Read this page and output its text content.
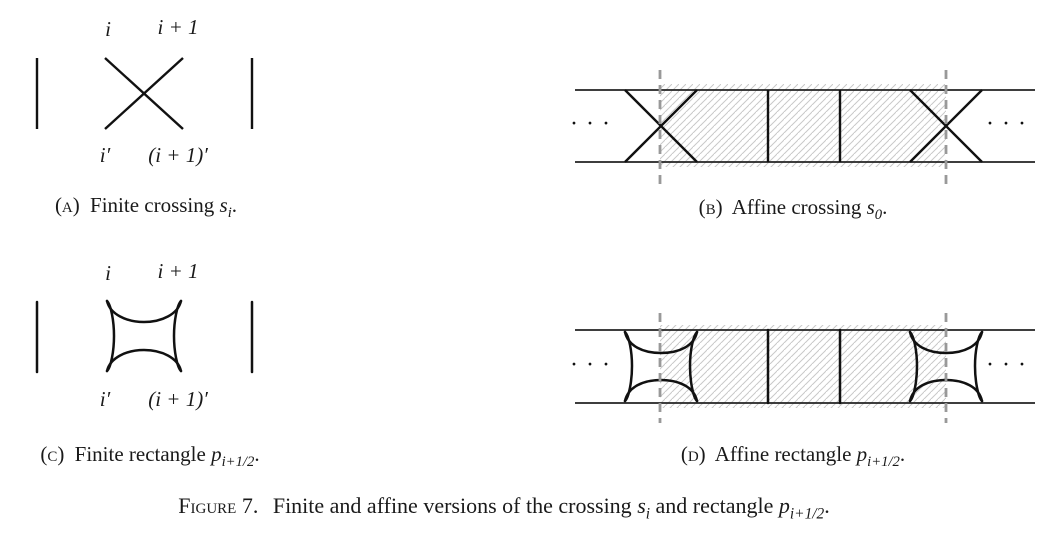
i	i + 1
i′	(i + 1)′
i	i + 1
i′	(i + 1)′
···	···
···	···
(a) Finite crossing $s_i$.	(b) Affine crossing $s_0$.
(c) Finite rectangle $p_{i+1/2}$.	(d) Affine rectangle $p_{i+1/2}$.
Figure 7. Finite and affine versions of the crossing $s_i$ and rectangle $p_{i+1/2}$.
